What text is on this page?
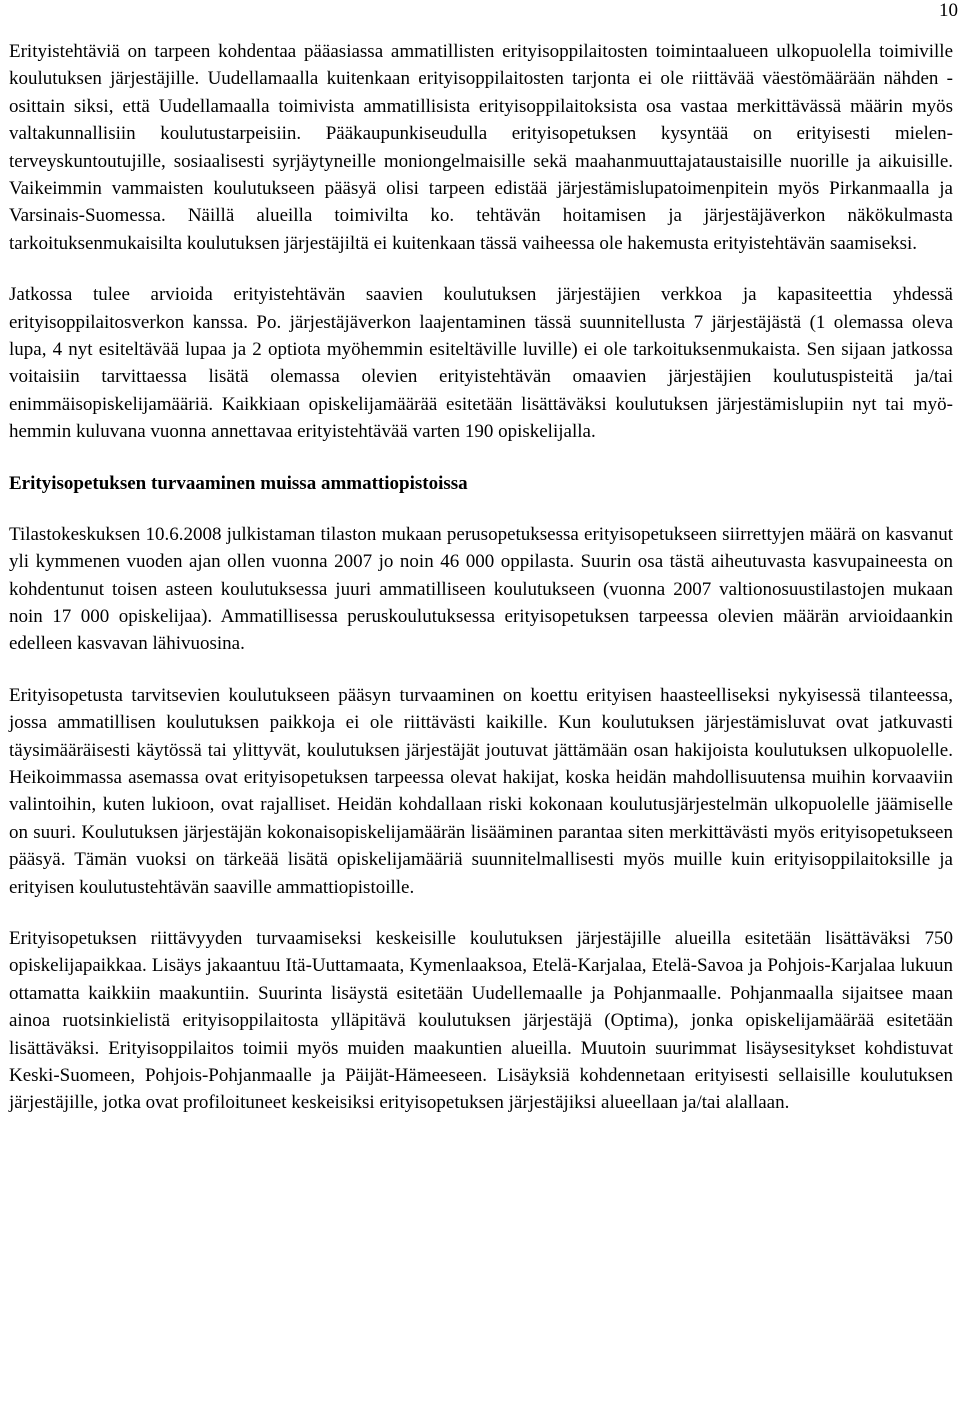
10

Erityistehtäviä on tarpeen kohdentaa pääasiassa ammatillisten erityisoppilaitosten toimintaalueen ulkopuolella toimiville koulutuksen järjestäjille. Uudellamaalla kuitenkaan erityisoppilaitosten tarjonta ei ole riittävää väestömäärään nähden - osittain siksi, että Uudellamaalla toimivista ammatillisista erityisoppilaitoksista osa vastaa merkittävässä määrin myös valtakunnallisiin koulutustarpeisiin. Pääkaupunkiseudulla erityisopetuksen kysyntää on erityisesti mielenterveyskuntoutujille, sosiaalisesti syrjäytyneille moniongelmaisille sekä maahanmuuttajataustaisille nuorille ja aikuisille. Vaikeimmin vammaisten koulutukseen pääsyä olisi tarpeen edistää järjestämislupatoimenpitein myös Pirkanmaalla ja Varsinais-Suomessa. Näillä alueilla toimivilta ko. tehtävän hoitamisen ja järjestäjäverkon näkökulmasta tarkoituksenmukaisilta koulutuksen järjestäjiltä ei kuitenkaan tässä vaiheessa ole hakemusta erityistehtävän saamiseksi.

Jatkossa tulee arvioida erityistehtävän saavien koulutuksen järjestäjien verkkoa ja kapasiteettia yhdessä erityisoppilaitosverkon kanssa. Po. järjestäjäverkon laajentaminen tässä suunnitellusta 7 järjestäjästä (1 olemassa oleva lupa, 4 nyt esiteltävää lupaa ja 2 optiota myöhemmin esiteltäville luville) ei ole tarkoituksenmukaista. Sen sijaan jatkossa voitaisiin tarvittaessa lisätä olemassa olevien erityistehtävän omaavien järjestäjien koulutuspisteitä ja/tai enimmäisopiskelijamääriä. Kaikkiaan opiskelijamäärää esitetään lisättäväksi koulutuksen järjestämislupiin nyt tai myöhemmin kuluvana vuonna annettavaa erityistehtävää varten 190 opiskelijalla.

Erityisopetuksen turvaaminen muissa ammattiopistoissa

Tilastokeskuksen 10.6.2008 julkistaman tilaston mukaan perusopetuksessa erityisopetukseen siirrettyjen määrä on kasvanut yli kymmenen vuoden ajan ollen vuonna 2007 jo noin 46 000 oppilasta. Suurin osa tästä aiheutuvasta kasvupaineesta on kohdentunut toisen asteen koulutuksessa juuri ammatilliseen koulutukseen (vuonna 2007 valtionosuustilastojen mukaan noin 17 000 opiskelijaa). Ammatillisessa peruskoulutuksessa erityisopetuksen tarpeessa olevien määrän arvioidaankin edelleen kasvavan lähivuosina.

Erityisopetusta tarvitsevien koulutukseen pääsyn turvaaminen on koettu erityisen haasteelliseksi nykyisessä tilanteessa, jossa ammatillisen koulutuksen paikkoja ei ole riittävästi kaikille. Kun koulutuksen järjestämisluvat ovat jatkuvasti täysimääräisesti käytössä tai ylittyvät, koulutuksen järjestäjät joutuvat jättämään osan hakijoista koulutuksen ulkopuolelle. Heikoimmassa asemassa ovat erityisopetuksen tarpeessa olevat hakijat, koska heidän mahdollisuutensa muihin korvaaviin valintoihin, kuten lukioon, ovat rajalliset. Heidän kohdallaan riski kokonaan koulutusjärjestelmän ulkopuolelle jäämiselle on suuri. Koulutuksen järjestäjän kokonaisopiskelijamäärän lisääminen parantaa siten merkittävästi myös erityisopetukseen pääsyä. Tämän vuoksi on tärkeää lisätä opiskelijamääriä suunnitelmallisesti myös muille kuin erityisoppilaitoksille ja erityisen koulutustehtävän saaville ammattiopistoille.

Erityisopetuksen riittävyyden turvaamiseksi keskeisille koulutuksen järjestäjille alueilla esitetään lisättäväksi 750 opiskelijapaikkaa. Lisäys jakaantuu Itä-Uuttamaata, Kymenlaaksoa, Etelä-Karjalaa, Etelä-Savoa ja Pohjois-Karjalaa lukuun ottamatta kaikkiin maakuntiin. Suurinta lisäystä esitetään Uudellemaalle ja Pohjanmaalle. Pohjanmaalla sijaitsee maan ainoa ruotsinkielistä erityisoppilaitosta ylläpitävä koulutuksen järjestäjä (Optima), jonka opiskelijamäärää esitetään lisättäväksi. Erityisoppilaitos toimii myös muiden maakuntien alueilla. Muutoin suurimmat lisäysesitykset kohdistuvat Keski-Suomeen, Pohjois-Pohjanmaalle ja Päijät-Hämeeseen. Lisäyksiä kohdennetaan erityisesti sellaisille koulutuksen järjestäjille, jotka ovat profiloituneet keskeisiksi erityisopetuksen järjestäjiksi alueellaan ja/tai alallaan.
